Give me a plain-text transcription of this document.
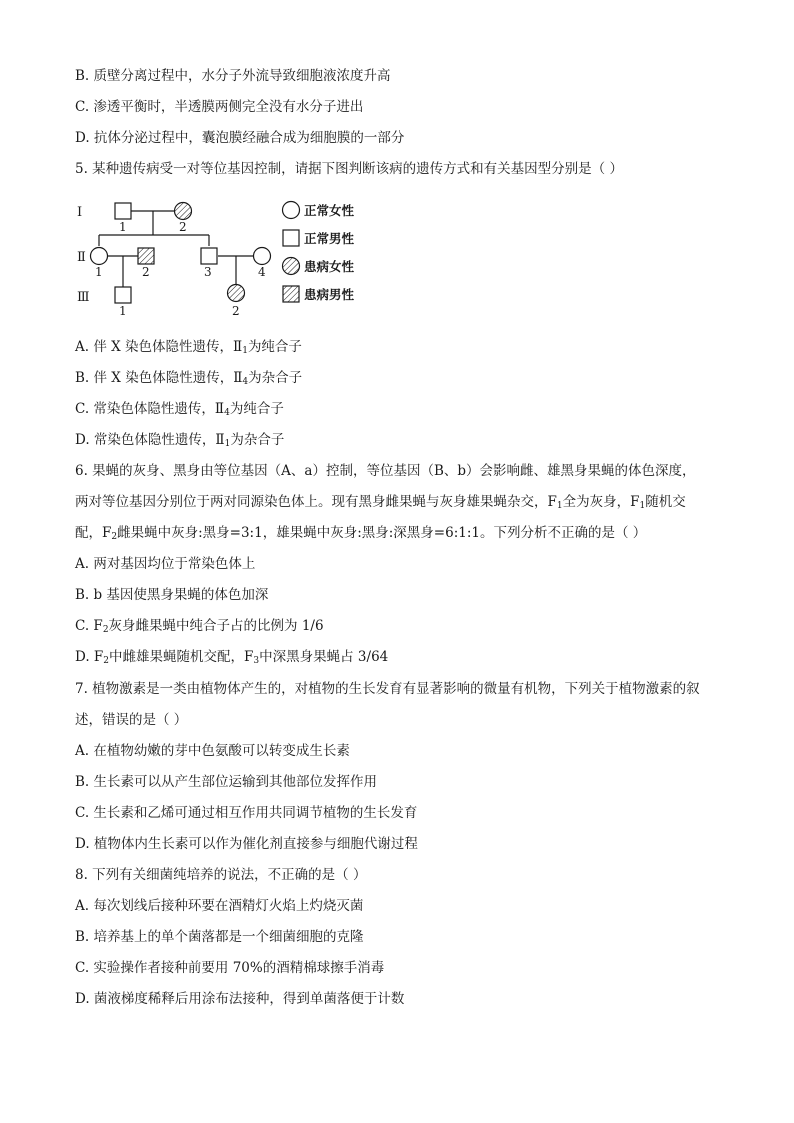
B. 质壁分离过程中，水分子外流导致细胞液浓度升高
C. 渗透平衡时，半透膜两侧完全没有水分子进出
D. 抗体分泌过程中，囊泡膜经融合成为细胞膜的一部分
5. 某种遗传病受一对等位基因控制，请据下图判断该病的遗传方式和有关基因型分别是（ ）
Ⅰ
Ⅱ
Ⅲ
1	2
1	2	3	4
1	2
正常女性
正常男性
患病女性
患病男性
A. 伴 X 染色体隐性遗传，$Ⅱ_1$为纯合子
B. 伴 X 染色体隐性遗传，$Ⅱ_4$为杂合子
C. 常染色体隐性遗传，$Ⅱ_4$为纯合子
D. 常染色体隐性遗传，$Ⅱ_1$为杂合子
6. 果蝇的灰身、黑身由等位基因（A、a）控制，等位基因（B、b）会影响雌、雄黑身果蝇的体色深度，
两对等位基因分别位于两对同源染色体上。现有黑身雌果蝇与灰身雄果蝇杂交，$F_1$全为灰身，$F_1$随机交
配，$F_2$雌果蝇中灰身:黑身=3:1，雄果蝇中灰身:黑身:深黑身=6:1:1。下列分析不正确的是（ ）
A. 两对基因均位于常染色体上
B. b 基因使黑身果蝇的体色加深
C. $F_2$灰身雌果蝇中纯合子占的比例为 1/6
D. $F_2$中雌雄果蝇随机交配，$F_3$中深黑身果蝇占 3/64
7. 植物激素是一类由植物体产生的，对植物的生长发育有显著影响的微量有机物，下列关于植物激素的叙
述，错误的是（ ）
A. 在植物幼嫩的芽中色氨酸可以转变成生长素
B. 生长素可以从产生部位运输到其他部位发挥作用
C. 生长素和乙烯可通过相互作用共同调节植物的生长发育
D. 植物体内生长素可以作为催化剂直接参与细胞代谢过程
8. 下列有关细菌纯培养的说法，不正确的是（ ）
A. 每次划线后接种环要在酒精灯火焰上灼烧灭菌
B. 培养基上的单个菌落都是一个细菌细胞的克隆
C. 实验操作者接种前要用 70%的酒精棉球擦手消毒
D. 菌液梯度稀释后用涂布法接种，得到单菌落便于计数
